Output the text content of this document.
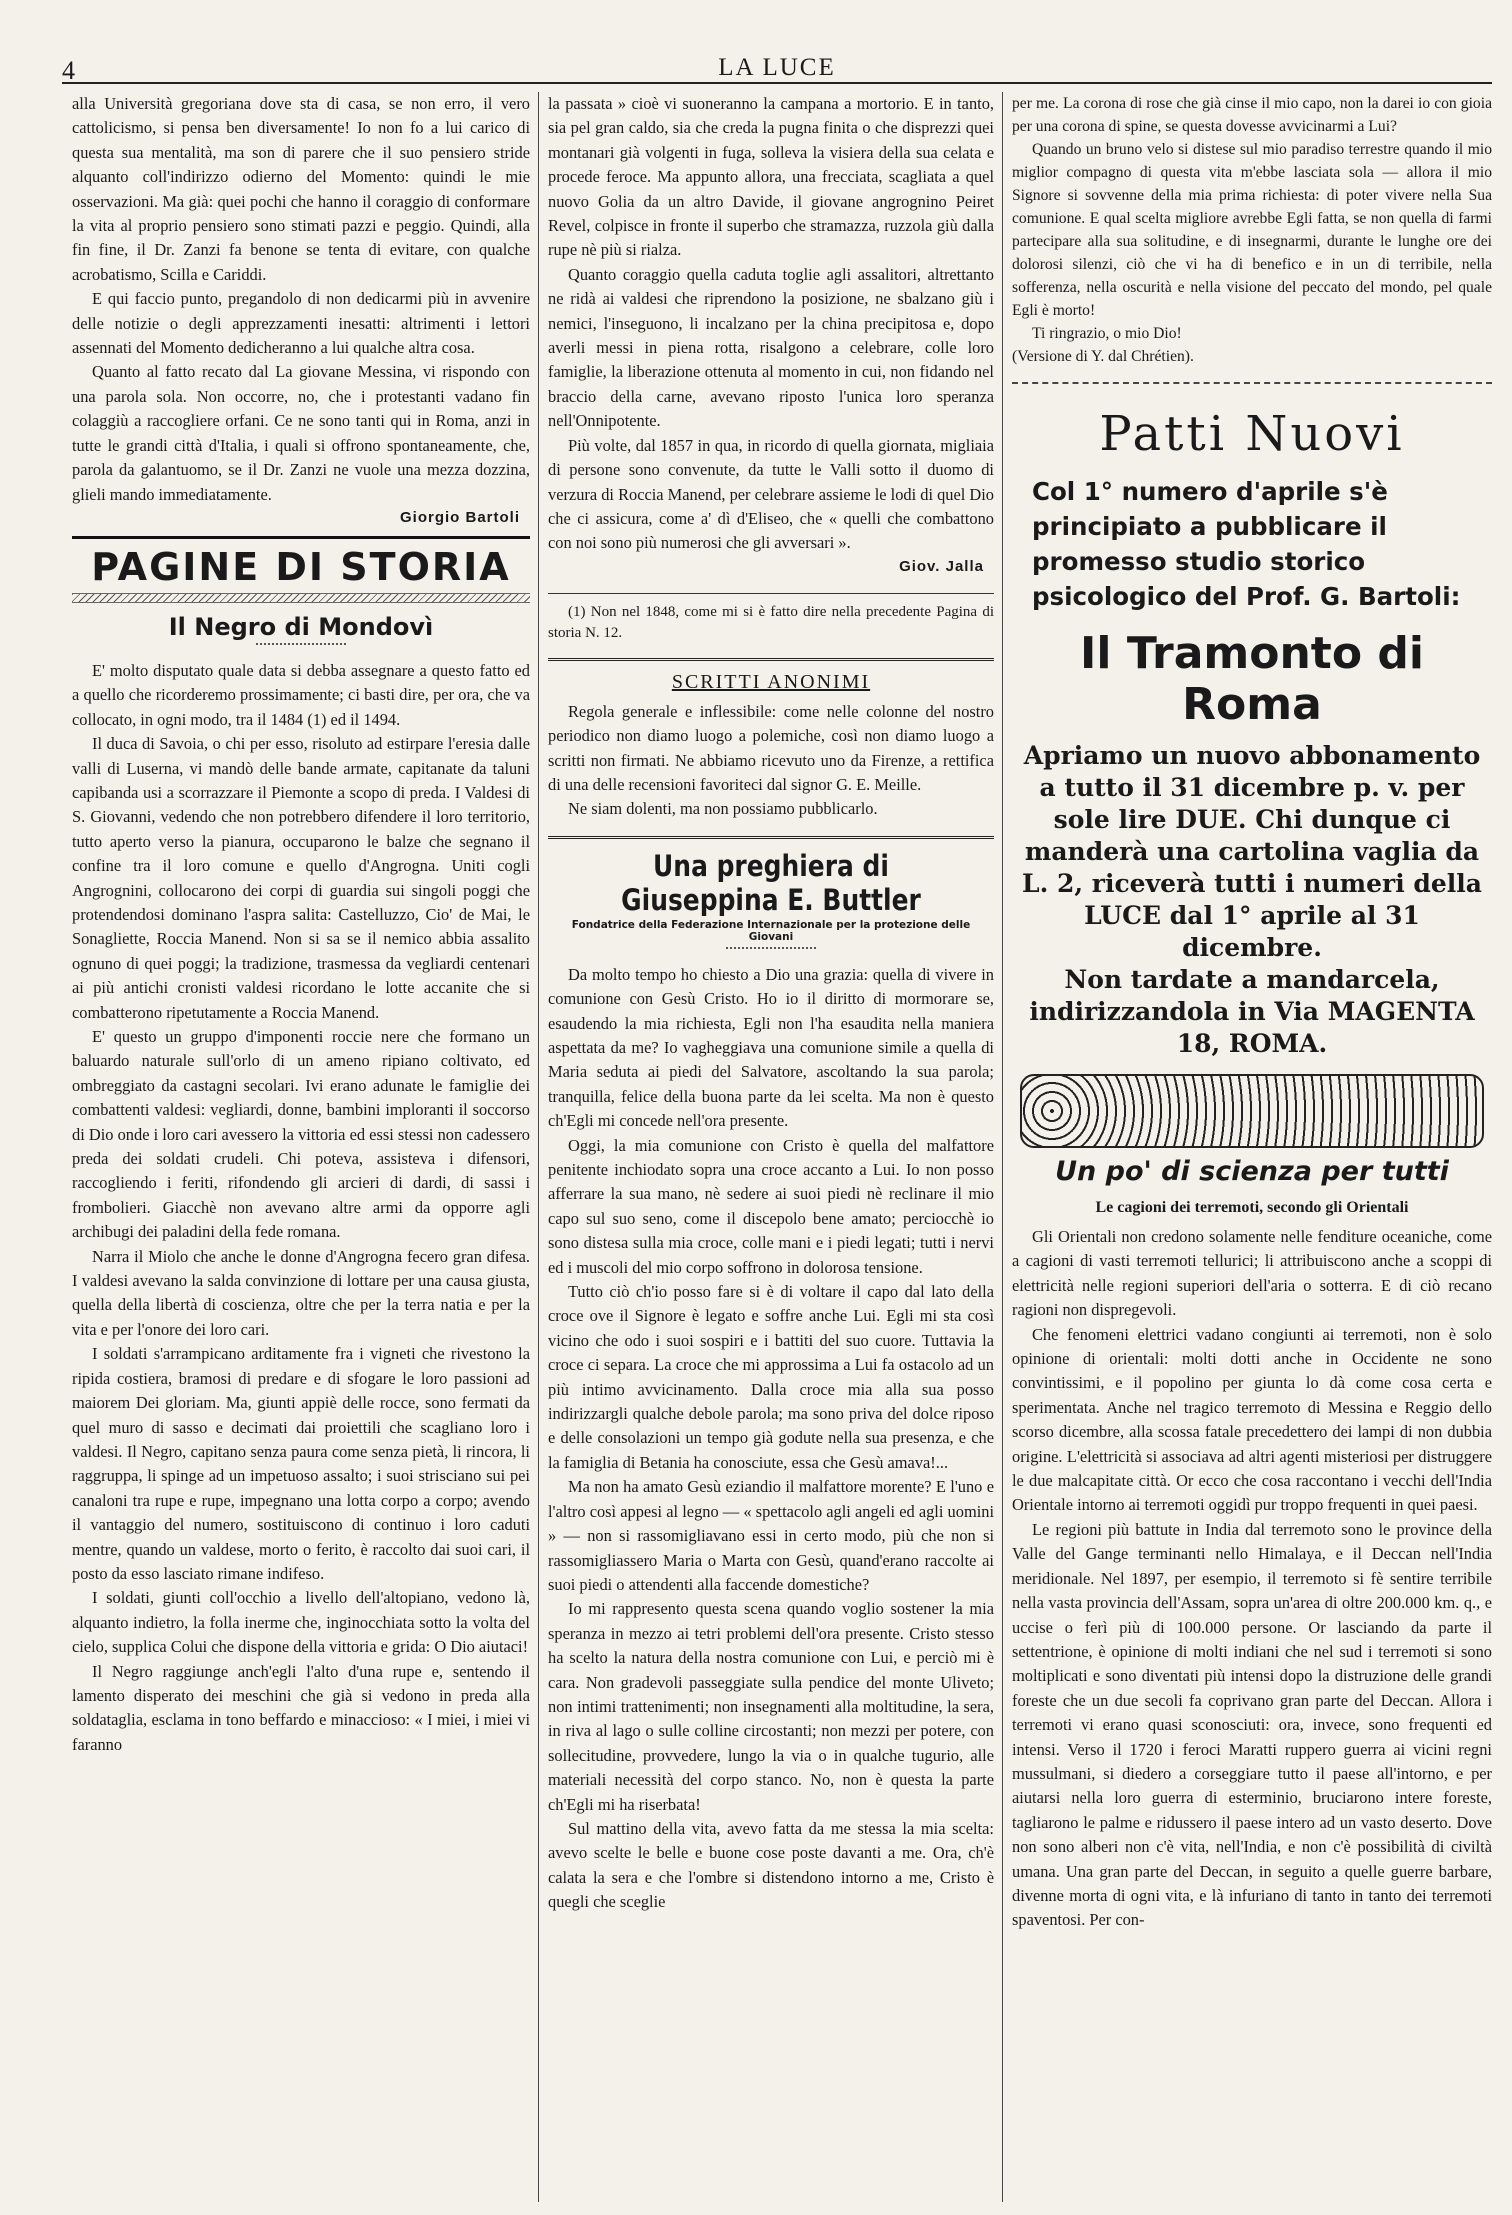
4	LA LUCE

alla Università gregoriana dove sta di casa, se non erro, il vero cattolicismo, si pensa ben diversamente! Io non fo a lui carico di questa sua mentalità, ma son di parere che il suo pensiero stride alquanto coll'indirizzo odierno del Momento: quindi le mie osservazioni. Ma già: quei pochi che hanno il coraggio di conformare la vita al proprio pensiero sono stimati pazzi e peggio. Quindi, alla fin fine, il Dr. Zanzi fa benone se tenta di evitare, con qualche acrobatismo, Scilla e Cariddi.

E qui faccio punto, pregandolo di non dedicarmi più in avvenire delle notizie o degli apprezzamenti inesatti: altrimenti i lettori assennati del Momento dedicheranno a lui qualche altra cosa.

Quanto al fatto recato dal La giovane Messina, vi rispondo con una parola sola. Non occorre, no, che i protestanti vadano fin colaggiù a raccogliere orfani. Ce ne sono tanti qui in Roma, anzi in tutte le grandi città d'Italia, i quali si offrono spontaneamente, che, parola da galantuomo, se il Dr. Zanzi ne vuole una mezza dozzina, glieli mando immediatamente.

Giorgio Bartoli
PAGINE DI STORIA
Il Negro di Mondovì

E' molto disputato quale data si debba assegnare a questo fatto ed a quello che ricorderemo prossimamente; ci basti dire, per ora, che va collocato, in ogni modo, tra il 1484 (1) ed il 1494.

Il duca di Savoia, o chi per esso, risoluto ad estirpare l'eresia dalle valli di Luserna, vi mandò delle bande armate, capitanate da taluni capibanda usi a scorrazzare il Piemonte a scopo di preda. I Valdesi di S. Giovanni, vedendo che non potrebbero difendere il loro territorio, tutto aperto verso la pianura, occuparono le balze che segnano il confine tra il loro comune e quello d'Angrogna. Uniti cogli Angrognini, collocarono dei corpi di guardia sui singoli poggi che protendendosi dominano l'aspra salita: Castelluzzo, Cio' de Mai, le Sonagliette, Roccia Manend. Non si sa se il nemico abbia assalito ognuno di quei poggi; la tradizione, trasmessa da vegliardi centenari ai più antichi cronisti valdesi ricordano le lotte accanite che si combatterono ripetutamente a Roccia Manend.

E' questo un gruppo d'imponenti roccie nere che formano un baluardo naturale sull'orlo di un ameno ripiano coltivato, ed ombreggiato da castagni secolari. Ivi erano adunate le famiglie dei combattenti valdesi: vegliardi, donne, bambini imploranti il soccorso di Dio onde i loro cari avessero la vittoria ed essi stessi non cadessero preda dei soldati crudeli. Chi poteva, assisteva i difensori, raccogliendo i feriti, rifondendo gli arcieri di dardi, di sassi i frombolieri. Giacchè non avevano altre armi da opporre agli archibugi dei paladini della fede romana.

Narra il Miolo che anche le donne d'Angrogna fecero gran difesa. I valdesi avevano la salda convinzione di lottare per una causa giusta, quella della libertà di coscienza, oltre che per la terra natia e per la vita e per l'onore dei loro cari.

I soldati s'arrampicano arditamente fra i vigneti che rivestono la ripida costiera, bramosi di predare e di sfogare le loro passioni ad maiorem Dei gloriam. Ma, giunti appiè delle rocce, sono fermati da quel muro di sasso e decimati dai proiettili che scagliano loro i valdesi. Il Negro, capitano senza paura come senza pietà, li rincora, li raggruppa, li spinge ad un impetuoso assalto; i suoi strisciano sui pei canaloni tra rupe e rupe, impegnano una lotta corpo a corpo; avendo il vantaggio del numero, sostituiscono di continuo i loro caduti mentre, quando un valdese, morto o ferito, è raccolto dai suoi cari, il posto da esso lasciato rimane indifeso.

I soldati, giunti coll'occhio a livello dell'altopiano, vedono là, alquanto indietro, la folla inerme che, inginocchiata sotto la volta del cielo, supplica Colui che dispone della vittoria e grida: O Dio aiutaci!

Il Negro raggiunge anch'egli l'alto d'una rupe e, sentendo il lamento disperato dei meschini che già si vedono in preda alla soldataglia, esclama in tono beffardo e minaccioso: « I miei, i miei vi faranno

la passata » cioè vi suoneranno la campana a mortorio. E in tanto, sia pel gran caldo, sia che creda la pugna finita o che disprezzi quei montanari già volgenti in fuga, solleva la visiera della sua celata e procede feroce. Ma appunto allora, una frecciata, scagliata a quel nuovo Golia da un altro Davide, il giovane angrognino Peiret Revel, colpisce in fronte il superbo che stramazza, ruzzola giù dalla rupe nè più si rialza.

Quanto coraggio quella caduta toglie agli assalitori, altrettanto ne ridà ai valdesi che riprendono la posizione, ne sbalzano giù i nemici, l'inseguono, li incalzano per la china precipitosa e, dopo averli messi in piena rotta, risalgono a celebrare, colle loro famiglie, la liberazione ottenuta al momento in cui, non fidando nel braccio della carne, avevano riposto l'unica loro speranza nell'Onnipotente.

Più volte, dal 1857 in qua, in ricordo di quella giornata, migliaia di persone sono convenute, da tutte le Valli sotto il duomo di verzura di Roccia Manend, per celebrare assieme le lodi di quel Dio che ci assicura, come a' dì d'Eliseo, che « quelli che combattono con noi sono più numerosi che gli avversari ».

Giov. Jalla

(1) Non nel 1848, come mi si è fatto dire nella precedente Pagina di storia N. 12.

SCRITTI ANONIMI

Regola generale e inflessibile: come nelle colonne del nostro periodico non diamo luogo a polemiche, così non diamo luogo a scritti non firmati. Ne abbiamo ricevuto uno da Firenze, a rettifica di una delle recensioni favoriteci dal signor G. E. Meille.

Ne siam dolenti, ma non possiamo pubblicarlo.

Una preghiera di Giuseppina E. Buttler
Fondatrice della Federazione Internazionale per la protezione delle Giovani

Da molto tempo ho chiesto a Dio una grazia: quella di vivere in comunione con Gesù Cristo. Ho io il diritto di mormorare se, esaudendo la mia richiesta, Egli non l'ha esaudita nella maniera aspettata da me? Io vagheggiava una comunione simile a quella di Maria seduta ai piedi del Salvatore, ascoltando la sua parola; tranquilla, felice della buona parte da lei scelta. Ma non è questo ch'Egli mi concede nell'ora presente.

Oggi, la mia comunione con Cristo è quella del malfattore penitente inchiodato sopra una croce accanto a Lui. Io non posso afferrare la sua mano, nè sedere ai suoi piedi nè reclinare il mio capo sul suo seno, come il discepolo bene amato; perciocchè io sono distesa sulla mia croce, colle mani e i piedi legati; tutti i nervi ed i muscoli del mio corpo soffrono in dolorosa tensione.

Tutto ciò ch'io posso fare si è di voltare il capo dal lato della croce ove il Signore è legato e soffre anche Lui. Egli mi sta così vicino che odo i suoi sospiri e i battiti del suo cuore. Tuttavia la croce ci separa. La croce che mi approssima a Lui fa ostacolo ad un più intimo avvicinamento. Dalla croce mia alla sua posso indirizzargli qualche debole parola; ma sono priva del dolce riposo e delle consolazioni un tempo già godute nella sua presenza, e che la famiglia di Betania ha conosciute, essa che Gesù amava!...

Ma non ha amato Gesù eziandio il malfattore morente? E l'uno e l'altro così appesi al legno — « spettacolo agli angeli ed agli uomini » — non si rassomigliavano essi in certo modo, più che non si rassomigliassero Maria o Marta con Gesù, quand'erano raccolte ai suoi piedi o attendenti alla faccende domestiche?

Io mi rappresento questa scena quando voglio sostener la mia speranza in mezzo ai tetri problemi dell'ora presente. Cristo stesso ha scelto la natura della nostra comunione con Lui, e perciò mi è cara. Non gradevoli passeggiate sulla pendice del monte Uliveto; non intimi trattenimenti; non insegnamenti alla moltitudine, la sera, in riva al lago o sulle colline circostanti; non mezzi per potere, con sollecitudine, provvedere, lungo la via o in qualche tugurio, alle materiali necessità del corpo stanco. No, non è questa la parte ch'Egli mi ha riserbata!

Sul mattino della vita, avevo fatta da me stessa la mia scelta: avevo scelte le belle e buone cose poste davanti a me. Ora, ch'è calata la sera e che l'ombre si distendono intorno a me, Cristo è quegli che sceglie

per me. La corona di rose che già cinse il mio capo, non la darei io con gioia per una corona di spine, se questa dovesse avvicinarmi a Lui?

Quando un bruno velo si distese sul mio paradiso terrestre quando il mio miglior compagno di questa vita m'ebbe lasciata sola — allora il mio Signore si sovvenne della mia prima richiesta: di poter vivere nella Sua comunione. E qual scelta migliore avrebbe Egli fatta, se non quella di farmi partecipare alla sua solitudine, e di insegnarmi, durante le lunghe ore dei dolorosi silenzi, ciò che vi ha di benefico e in un di terribile, nella sofferenza, nella oscurità e nella visione del peccato del mondo, pel quale Egli è morto!

Ti ringrazio, o mio Dio!

(Versione di Y. dal Chrétien).

Patti Nuovi

Col 1° numero d'aprile s'è principiato a pubblicare il promesso studio storico psicologico del Prof. G. Bartoli:

Il Tramonto di Roma

Apriamo un nuovo abbonamento a tutto il 31 dicembre p. v. per sole lire DUE. Chi dunque ci manderà una cartolina vaglia da L. 2, riceverà tutti i numeri della LUCE dal 1° aprile al 31 dicembre.

Non tardate a mandarcela, indirizzandola in Via MAGENTA 18, ROMA.

Un po' di scienza per tutti
Le cagioni dei terremoti, secondo gli Orientali

Gli Orientali non credono solamente nelle fenditure oceaniche, come a cagioni di vasti terremoti tellurici; li attribuiscono anche a scoppi di elettricità nelle regioni superiori dell'aria o sotterra. E di ciò recano ragioni non dispregevoli.

Che fenomeni elettrici vadano congiunti ai terremoti, non è solo opinione di orientali: molti dotti anche in Occidente ne sono convintissimi, e il popolino per giunta lo dà come cosa certa e sperimentata. Anche nel tragico terremoto di Messina e Reggio dello scorso dicembre, alla scossa fatale precedettero dei lampi di non dubbia origine. L'elettricità si associava ad altri agenti misteriosi per distruggere le due malcapitate città. Or ecco che cosa raccontano i vecchi dell'India Orientale intorno ai terremoti oggidì pur troppo frequenti in quei paesi.

Le regioni più battute in India dal terremoto sono le province della Valle del Gange terminanti nello Himalaya, e il Deccan nell'India meridionale. Nel 1897, per esempio, il terremoto si fè sentire terribile nella vasta provincia dell'Assam, sopra un'area di oltre 200.000 km. q., e uccise o ferì più di 100.000 persone. Or lasciando da parte il settentrione, è opinione di molti indiani che nel sud i terremoti si sono moltiplicati e sono diventati più intensi dopo la distruzione delle grandi foreste che un due secoli fa coprivano gran parte del Deccan. Allora i terremoti vi erano quasi sconosciuti: ora, invece, sono frequenti ed intensi. Verso il 1720 i feroci Maratti ruppero guerra ai vicini regni mussulmani, si diedero a corseggiare tutto il paese all'intorno, e per aiutarsi nella loro guerra di esterminio, bruciarono intere foreste, tagliarono le palme e ridussero il paese intero ad un vasto deserto. Dove non sono alberi non c'è vita, nell'India, e non c'è possibilità di civiltà umana. Una gran parte del Deccan, in seguito a quelle guerre barbare, divenne morta di ogni vita, e là infuriano di tanto in tanto dei terremoti spaventosi. Per con-
